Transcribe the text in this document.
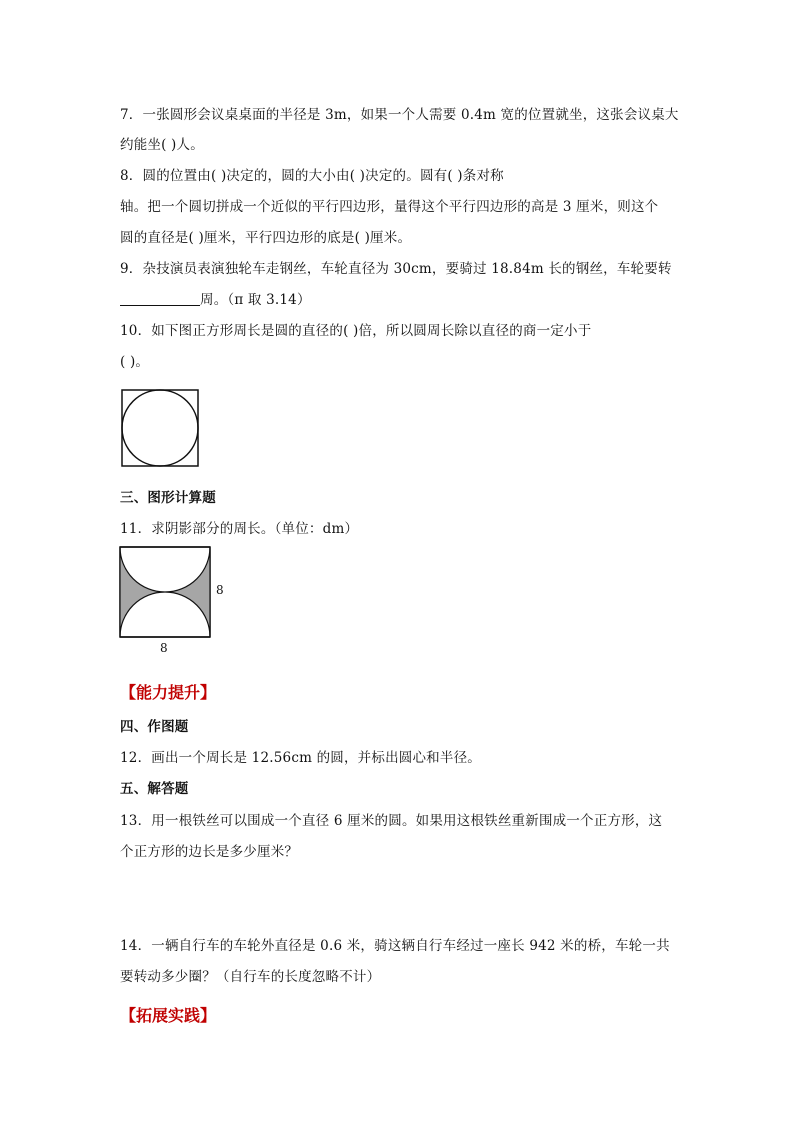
7．一张圆形会议桌桌面的半径是 3m，如果一个人需要 0.4m 宽的位置就坐，这张会议桌大
约能坐( )人。
8．圆的位置由( )决定的，圆的大小由( )决定的。圆有( )条对称
轴。把一个圆切拼成一个近似的平行四边形，量得这个平行四边形的高是 3 厘米，则这个
圆的直径是( )厘米，平行四边形的底是( )厘米。
9．杂技演员表演独轮车走钢丝，车轮直径为 30cm，要骑过 18.84m 长的钢丝，车轮要转
周。（π 取 3.14）
10．如下图正方形周长是圆的直径的( )倍，所以圆周长除以直径的商一定小于
( )。
三、图形计算题
11．求阴影部分的周长。（单位：dm）
8
8
【能力提升】
四、作图题
12．画出一个周长是 12.56cm 的圆，并标出圆心和半径。
五、解答题
13．用一根铁丝可以围成一个直径 6 厘米的圆。如果用这根铁丝重新围成一个正方形，这
个正方形的边长是多少厘米？
14．一辆自行车的车轮外直径是 0.6 米，骑这辆自行车经过一座长 942 米的桥，车轮一共
要转动多少圈？（自行车的长度忽略不计）
【拓展实践】
